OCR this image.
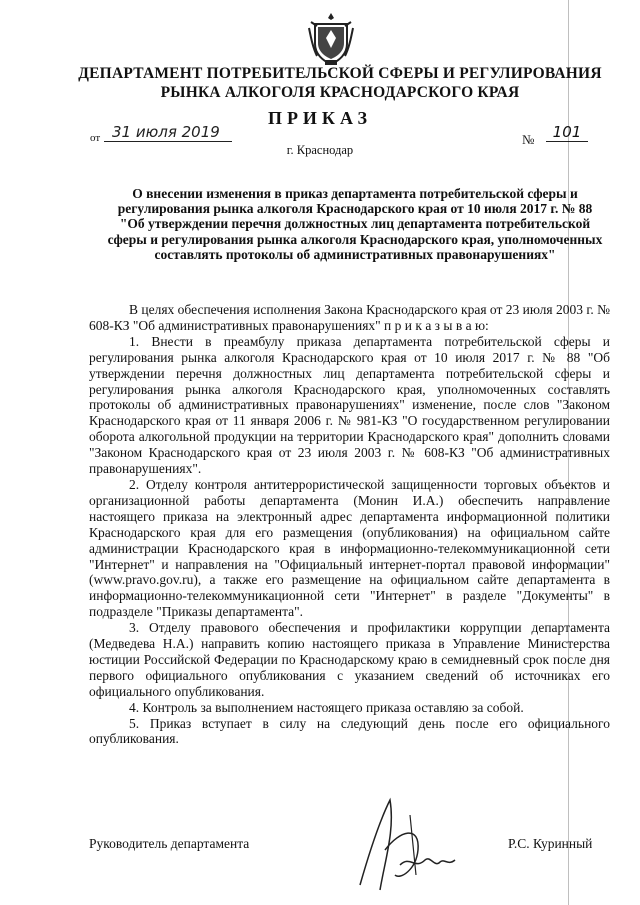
ДЕПАРТАМЕНТ ПОТРЕБИТЕЛЬСКОЙ СФЕРЫ И РЕГУЛИРОВАНИЯ РЫНКА АЛКОГОЛЯ КРАСНОДАРСКОГО КРАЯ
ПРИКАЗ
от 31 июля 2019	№	101
г. Краснодар
О внесении изменения в приказ департамента потребительской сферы и регулирования рынка алкоголя Краснодарского края от 10 июля 2017 г. № 88 "Об утверждении перечня должностных лиц департамента потребительской сферы и регулирования рынка алкоголя Краснодарского края, уполномоченных составлять протоколы об административных правонарушениях"

В целях обеспечения исполнения Закона Краснодарского края от 23 июля 2003 г. № 608-КЗ "Об административных правонарушениях" п р и к а з ы в а ю:

1. Внести в преамбулу приказа департамента потребительской сферы и регулирования рынка алкоголя Краснодарского края от 10 июля 2017 г. № 88 "Об утверждении перечня должностных лиц департамента потребительской сферы и регулирования рынка алкоголя Краснодарского края, уполномоченных составлять протоколы об административных правонарушениях" изменение, после слов "Законом Краснодарского края от 11 января 2006 г. № 981-КЗ "О государственном регулировании оборота алкогольной продукции на территории Краснодарского края" дополнить словами "Законом Краснодарского края от 23 июля 2003 г. № 608-КЗ "Об административных правонарушениях".

2. Отделу контроля антитеррористической защищенности торговых объектов и организационной работы департамента (Монин И.А.) обеспечить направление настоящего приказа на электронный адрес департамента информационной политики Краснодарского края для его размещения (опубликования) на официальном сайте администрации Краснодарского края в информационно-телекоммуникационной сети "Интернет" и направления на "Официальный интернет-портал правовой информации" (www.pravo.gov.ru), а также его размещение на официальном сайте департамента в информационно-телекоммуникационной сети "Интернет" в разделе "Документы" в подразделе "Приказы департамента".

3. Отделу правового обеспечения и профилактики коррупции департамента (Медведева Н.А.) направить копию настоящего приказа в Управление Министерства юстиции Российской Федерации по Краснодарскому краю в семидневный срок после дня первого официального опубликования с указанием сведений об источниках его официального опубликования.

4. Контроль за выполнением настоящего приказа оставляю за собой.

5. Приказ вступает в силу на следующий день после его официального опубликования.

Руководитель департамента	Р.С. Куринный
